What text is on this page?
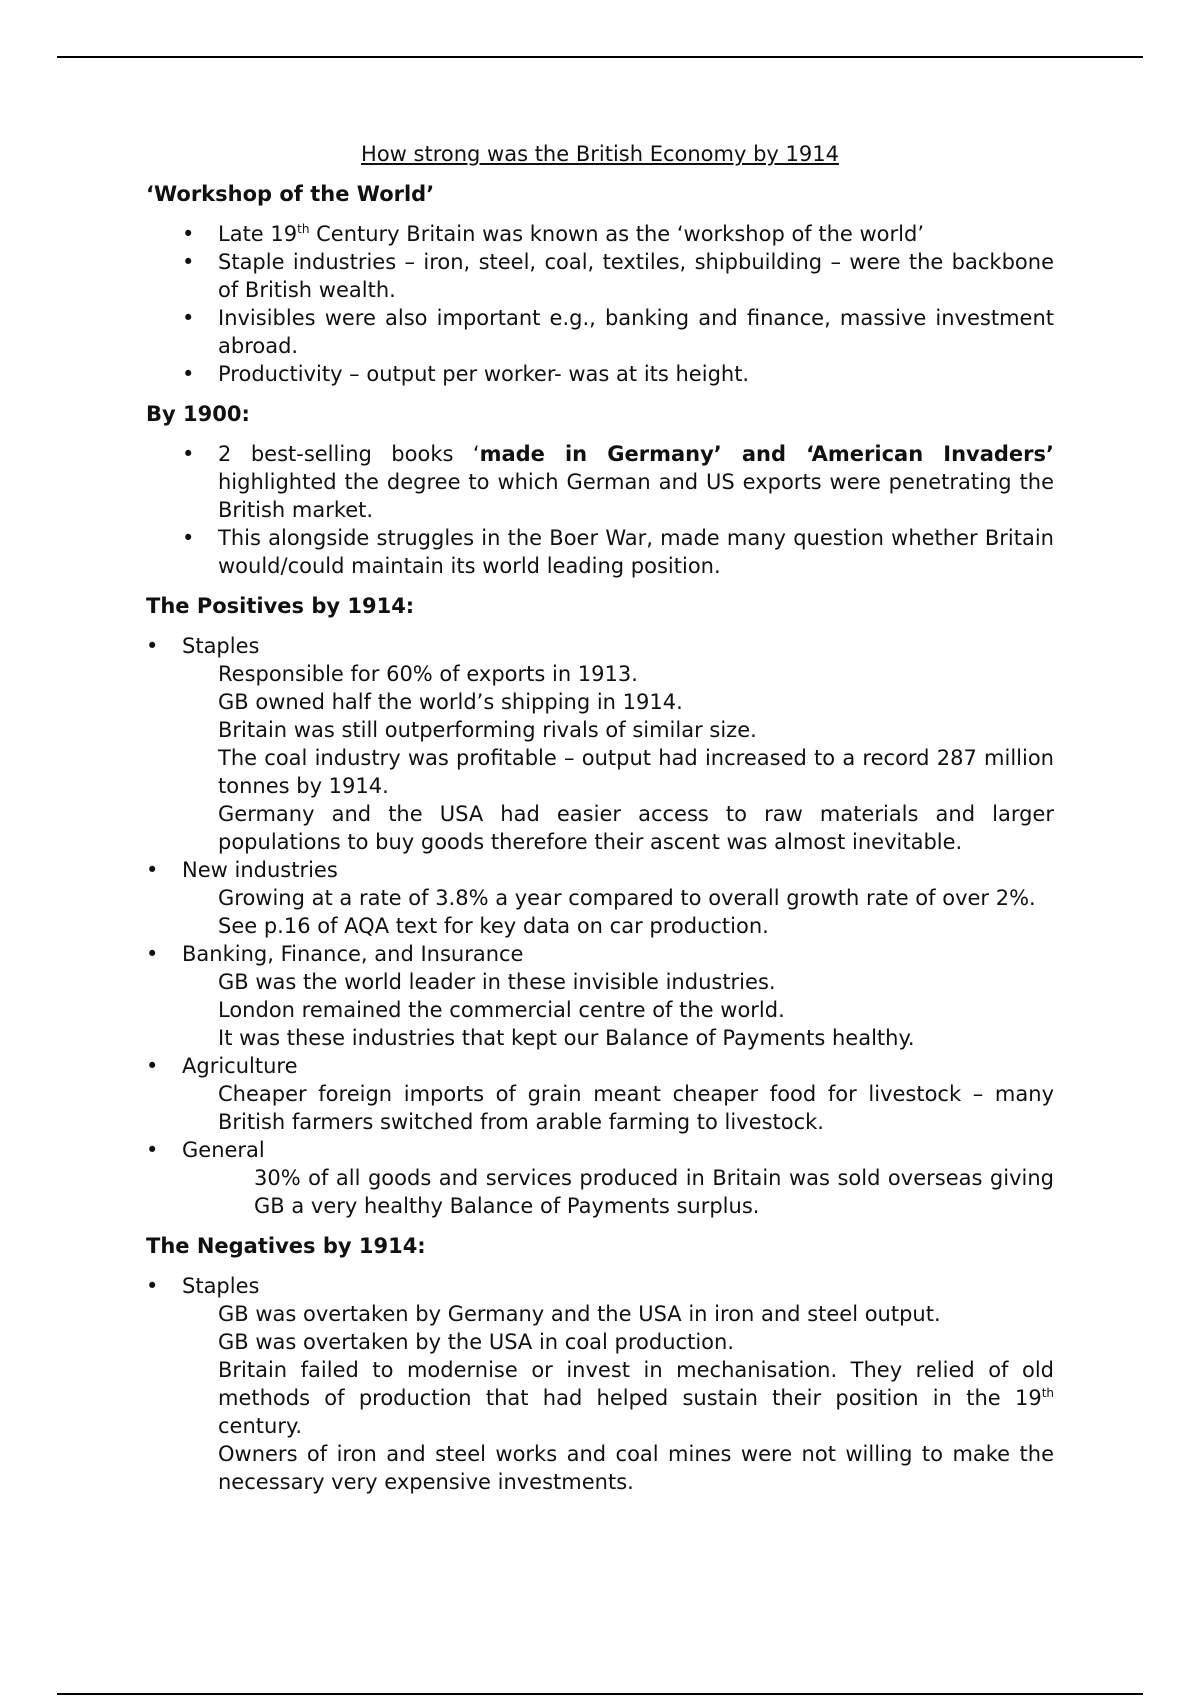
How strong was the British Economy by 1914
‘Workshop of the World’
• Late 19th Century Britain was known as the ‘workshop of the world’
• Staple industries – iron, steel, coal, textiles, shipbuilding – were the backbone of British wealth.
• Invisibles were also important e.g., banking and finance, massive investment abroad.
• Productivity – output per worker- was at its height.
By 1900:
• 2 best-selling books ‘made in Germany’ and ‘American Invaders’ highlighted the degree to which German and US exports were penetrating the British market.
• This alongside struggles in the Boer War, made many question whether Britain would/could maintain its world leading position.
The Positives by 1914:
• Staples
Responsible for 60% of exports in 1913.
GB owned half the world’s shipping in 1914.
Britain was still outperforming rivals of similar size.
The coal industry was profitable – output had increased to a record 287 million tonnes by 1914.
Germany and the USA had easier access to raw materials and larger populations to buy goods therefore their ascent was almost inevitable.
• New industries
Growing at a rate of 3.8% a year compared to overall growth rate of over 2%.
See p.16 of AQA text for key data on car production.
• Banking, Finance, and Insurance
GB was the world leader in these invisible industries.
London remained the commercial centre of the world.
It was these industries that kept our Balance of Payments healthy.
• Agriculture
Cheaper foreign imports of grain meant cheaper food for livestock – many British farmers switched from arable farming to livestock.
• General
30% of all goods and services produced in Britain was sold overseas giving GB a very healthy Balance of Payments surplus.
The Negatives by 1914:
• Staples
GB was overtaken by Germany and the USA in iron and steel output.
GB was overtaken by the USA in coal production.
Britain failed to modernise or invest in mechanisation. They relied of old methods of production that had helped sustain their position in the 19th century.
Owners of iron and steel works and coal mines were not willing to make the necessary very expensive investments.
